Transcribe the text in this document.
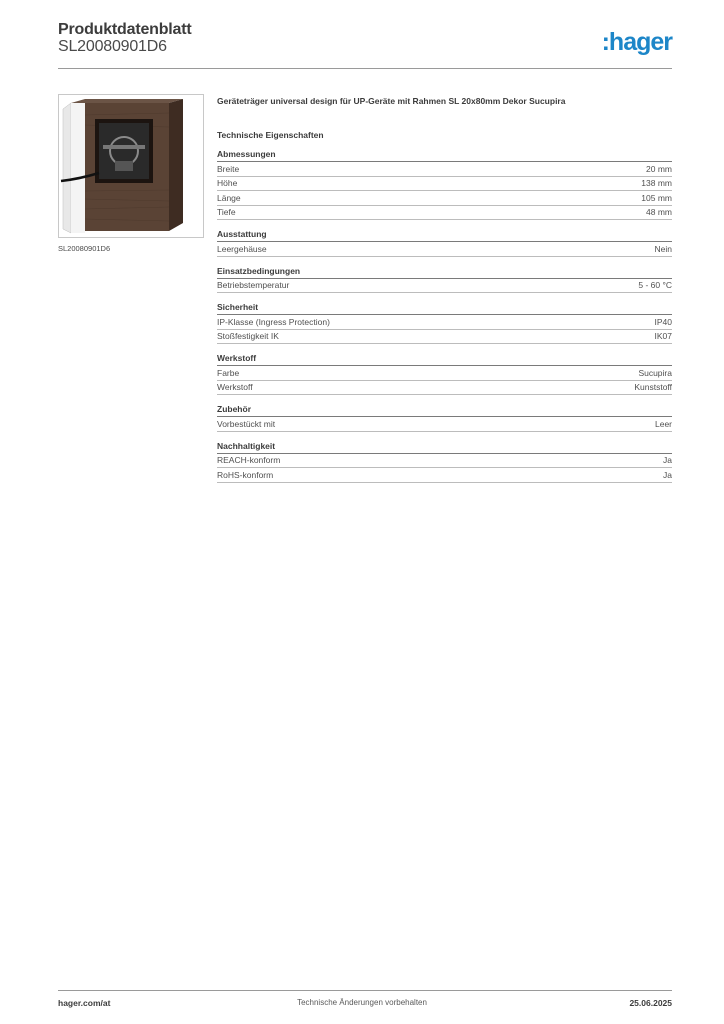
Produktdatenblatt
SL20080901D6	:hager
SL20080901D6
Geräteträger universal design für UP-Geräte mit Rahmen SL 20x80mm Dekor Sucupira
Technische Eigenschaften
Abmessungen
Breite	20 mm
Höhe	138 mm
Länge	105 mm
Tiefe	48 mm
Ausstattung
Leergehäuse	Nein
Einsatzbedingungen
Betriebstemperatur	5 - 60 °C
Sicherheit
IP-Klasse (Ingress Protection)	IP40
Stoßfestigkeit IK	IK07
Werkstoff
Farbe	Sucupira
Werkstoff	Kunststoff
Zubehör
Vorbestückt mit	Leer
Nachhaltigkeit
REACH-konform	Ja
RoHS-konform	Ja
hager.com/at	Technische Änderungen vorbehalten	25.06.2025
